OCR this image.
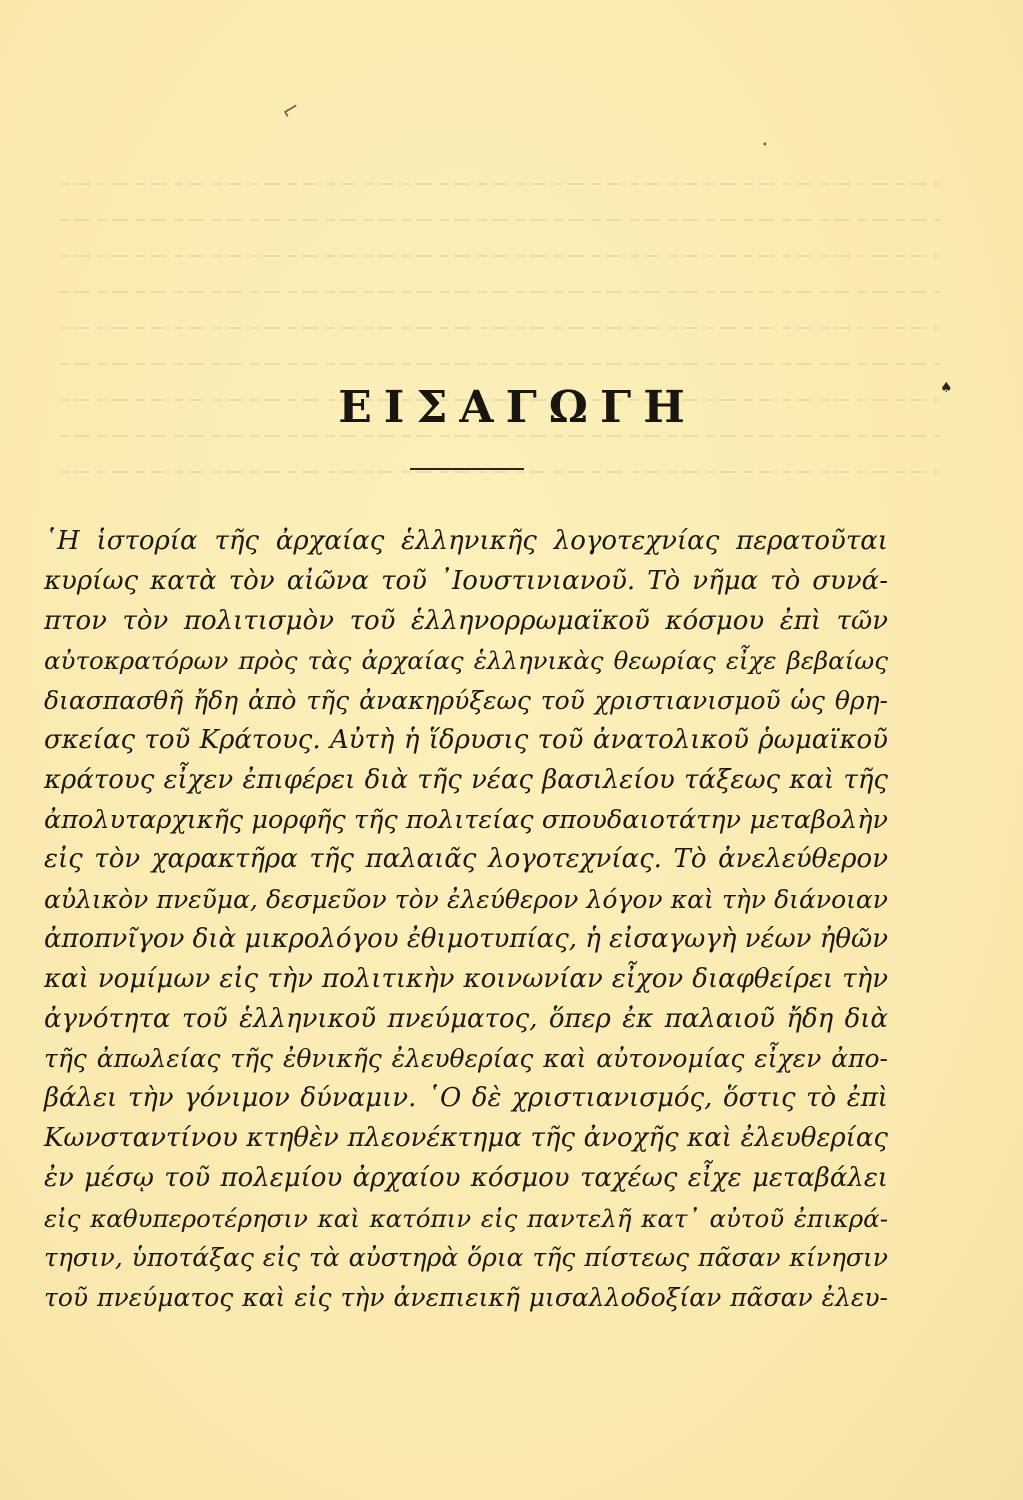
⌐
•
♠
ΕΙΣΑΓΩΓΗ
῾Η ἱστορία τῆς ἀρχαίας ἑλληνικῆς λογοτεχνίας περατοῦται
κυρίως κατὰ τὸν αἰῶνα τοῦ ᾽Ιουστινιανοῦ. Τὸ νῆμα τὸ συνά-
πτον τὸν πολιτισμὸν τοῦ ἑλληνορρωμαϊκοῦ κόσμου ἐπὶ τῶν
αὐτοκρατόρων πρὸς τὰς ἀρχαίας ἑλληνικὰς θεωρίας εἶχε βεβαίως
διασπασθῆ ἤδη ἀπὸ τῆς ἀνακηρύξεως τοῦ χριστιανισμοῦ ὡς θρη-
σκείας τοῦ Κράτους. Αὐτὴ ἡ ἵδρυσις τοῦ ἀνατολικοῦ ῥωμαϊκοῦ
κράτους εἶχεν ἐπιφέρει διὰ τῆς νέας βασιλείου τάξεως καὶ τῆς
ἀπολυταρχικῆς μορφῆς τῆς πολιτείας σπουδαιοτάτην μεταβολὴν
εἰς τὸν χαρακτῆρα τῆς παλαιᾶς λογοτεχνίας. Τὸ ἀνελεύθερον
αὐλικὸν πνεῦμα, δεσμεῦον τὸν ἐλεύθερον λόγον καὶ τὴν διάνοιαν
ἀποπνῖγον διὰ μικρολόγου ἐθιμοτυπίας, ἡ εἰσαγωγὴ νέων ἠθῶν
καὶ νομίμων εἰς τὴν πολιτικὴν κοινωνίαν εἶχον διαφθείρει τὴν
ἀγνότητα τοῦ ἑλληνικοῦ πνεύματος, ὅπερ ἐκ παλαιοῦ ἤδη διὰ
τῆς ἀπωλείας τῆς ἐθνικῆς ἐλευθερίας καὶ αὐτονομίας εἶχεν ἀπο-
βάλει τὴν γόνιμον δύναμιν. ῾Ο δὲ χριστιανισμός, ὅστις τὸ ἐπὶ
Κωνσταντίνου κτηθὲν πλεονέκτημα τῆς ἀνοχῆς καὶ ἐλευθερίας
ἐν μέσῳ τοῦ πολεμίου ἀρχαίου κόσμου ταχέως εἶχε μεταβάλει
εἰς καθυπεροτέρησιν καὶ κατόπιν εἰς παντελῆ κατ᾽ αὐτοῦ ἐπικρά-
τησιν, ὑποτάξας εἰς τὰ αὐστηρὰ ὅρια τῆς πίστεως πᾶσαν κίνησιν
τοῦ πνεύματος καὶ εἰς τὴν ἀνεπιεικῆ μισαλλοδοξίαν πᾶσαν ἐλευ-
